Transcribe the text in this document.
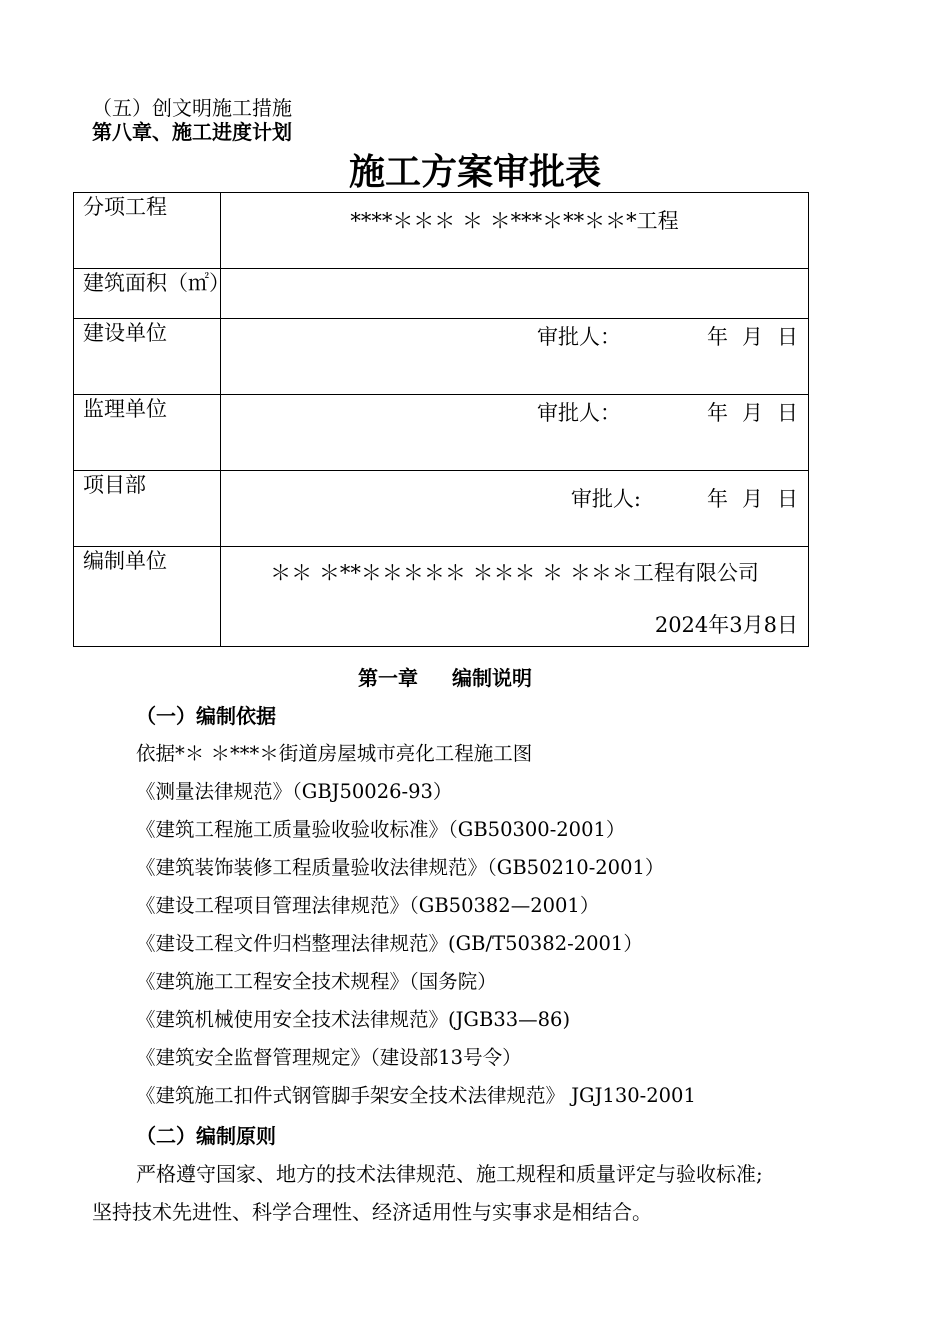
（五）创文明施工措施
第八章、施工进度计划
施工方案审批表
分项工程	****＊＊＊ ＊ ＊***＊**＊＊*工程

建筑面积（㎡）	
建设单位	审批人： 年 月 日

监理单位	审批人： 年 月 日

项目部	审批人: 年 月 日

编制单位	＊＊ ＊**＊＊＊＊＊ ＊＊＊ ＊ ＊＊＊工程有限公司
2024年3月8日
第一章 编制说明
（一）编制依据
依据*＊ ＊***＊街道房屋城市亮化工程施工图
《测量法律规范》（GBJ50026-93）
《建筑工程施工质量验收验收标准》（GB50300-2001）
《建筑装饰装修工程质量验收法律规范》（GB50210-2001）
《建设工程项目管理法律规范》（GB50382—2001）
《建设工程文件归档整理法律规范》(GB/T50382-2001）
《建筑施工工程安全技术规程》（国务院）
《建筑机械使用安全技术法律规范》(JGB33—86)
《建筑安全监督管理规定》（建设部13号令）
《建筑施工扣件式钢管脚手架安全技术法律规范》 JGJ130-2001
（二）编制原则
严格遵守国家、地方的技术法律规范、施工规程和质量评定与验收标准;
坚持技术先进性、科学合理性、经济适用性与实事求是相结合。
